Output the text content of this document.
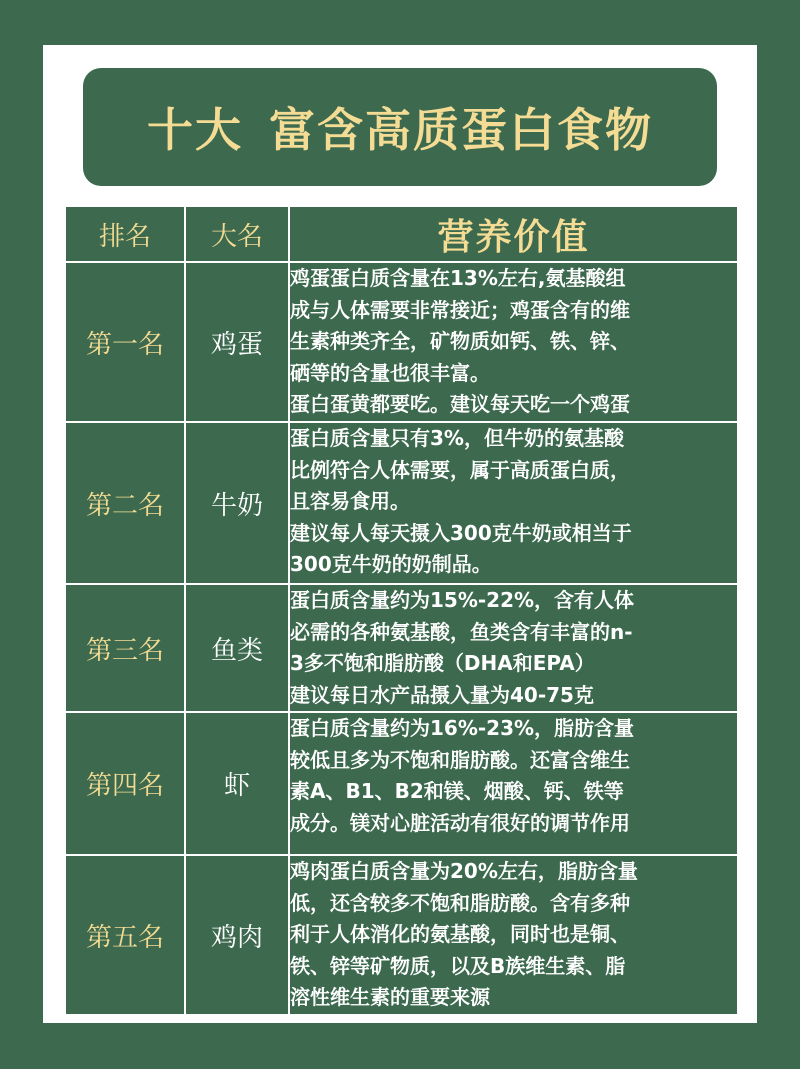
十大 富含高质蛋白食物
排名	大名	营养价值
第一名	鸡蛋	鸡蛋蛋白质含量在13%左右,氨基酸组
成与人体需要非常接近；鸡蛋含有的维
生素种类齐全，矿物质如钙、铁、锌、
硒等的含量也很丰富。
蛋白蛋黄都要吃。建议每天吃一个鸡蛋

第二名	牛奶	蛋白质含量只有3%，但牛奶的氨基酸
比例符合人体需要，属于高质蛋白质，
且容易食用。
建议每人每天摄入300克牛奶或相当于
300克牛奶的奶制品。

第三名	鱼类	蛋白质含量约为15%-22%，含有人体
必需的各种氨基酸，鱼类含有丰富的n-
3多不饱和脂肪酸（DHA和EPA）
建议每日水产品摄入量为40-75克

第四名	虾	蛋白质含量约为16%-23%，脂肪含量
较低且多为不饱和脂肪酸。还富含维生
素A、B1、B2和镁、烟酸、钙、铁等
成分。镁对心脏活动有很好的调节作用

第五名	鸡肉	鸡肉蛋白质含量为20%左右，脂肪含量
低，还含较多不饱和脂肪酸。含有多种
利于人体消化的氨基酸，同时也是铜、
铁、锌等矿物质，以及B族维生素、脂
溶性维生素的重要来源
